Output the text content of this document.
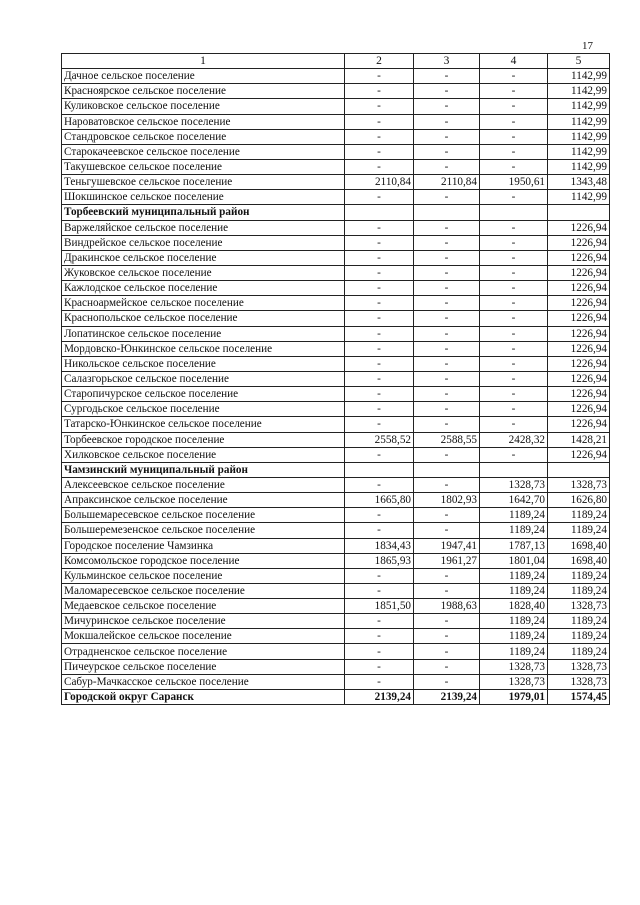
17
1	2	3	4	5
Дачное сельское поселение	-	-	-	1142,99
Красноярское сельское поселение	-	-	-	1142,99
Куликовское сельское поселение	-	-	-	1142,99
Нароватовское сельское поселение	-	-	-	1142,99
Стандровское сельское поселение	-	-	-	1142,99
Старокачеевское сельское поселение	-	-	-	1142,99
Такушевское сельское поселение	-	-	-	1142,99
Теньгушевское сельское поселение	2110,84	2110,84	1950,61	1343,48
Шокшинское сельское поселение	-	-	-	1142,99
Торбеевский муниципальный район				
Варжеляйское сельское поселение	-	-	-	1226,94
Виндрейское сельское поселение	-	-	-	1226,94
Дракинское сельское поселение	-	-	-	1226,94
Жуковское сельское поселение	-	-	-	1226,94
Кажлодское сельское поселение	-	-	-	1226,94
Красноармейское сельское поселение	-	-	-	1226,94
Краснопольское сельское поселение	-	-	-	1226,94
Лопатинское сельское поселение	-	-	-	1226,94
Мордовско-Юнкинское сельское поселение	-	-	-	1226,94
Никольское сельское поселение	-	-	-	1226,94
Салазгорьское сельское поселение	-	-	-	1226,94
Старопичурское сельское поселение	-	-	-	1226,94
Сургодьское сельское поселение	-	-	-	1226,94
Татарско-Юнкинское сельское поселение	-	-	-	1226,94
Торбеевское городское поселение	2558,52	2588,55	2428,32	1428,21
Хилковское сельское поселение	-	-	-	1226,94
Чамзинский муниципальный район				
Алексеевское сельское поселение	-	-	1328,73	1328,73
Апраксинское сельское поселение	1665,80	1802,93	1642,70	1626,80
Большемаресевское сельское поселение	-	-	1189,24	1189,24
Большеремезенское сельское поселение	-	-	1189,24	1189,24
Городское поселение Чамзинка	1834,43	1947,41	1787,13	1698,40
Комсомольское городское поселение	1865,93	1961,27	1801,04	1698,40
Кульминское сельское поселение	-	-	1189,24	1189,24
Маломаресевское сельское поселение	-	-	1189,24	1189,24
Медаевское сельское поселение	1851,50	1988,63	1828,40	1328,73
Мичуринское сельское поселение	-	-	1189,24	1189,24
Мокшалейское сельское поселение	-	-	1189,24	1189,24
Отрадненское сельское поселение	-	-	1189,24	1189,24
Пичеурское сельское поселение	-	-	1328,73	1328,73
Сабур-Мачкасское сельское поселение	-	-	1328,73	1328,73
Городской округ Саранск	2139,24	2139,24	1979,01	1574,45
